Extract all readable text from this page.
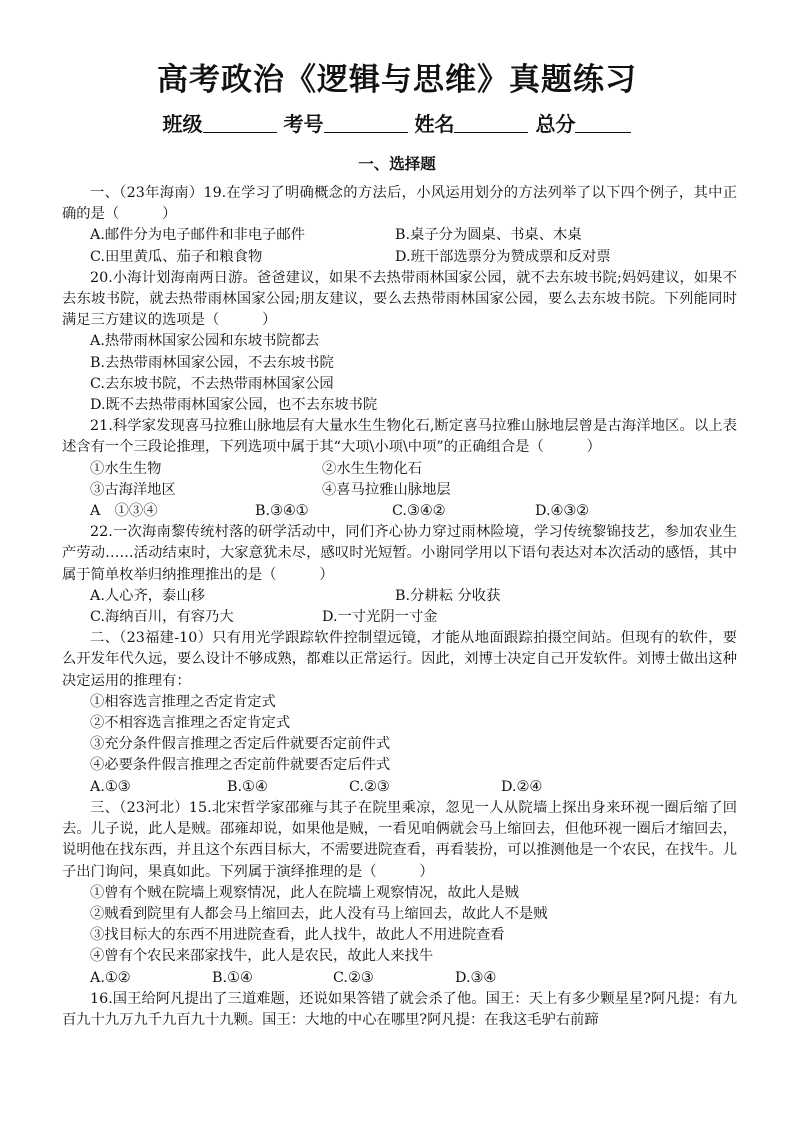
高考政治《逻辑与思维》真题练习
班级	考号	姓名	总分
一、选择题

一、（23年海南）19.在学习了明确概念的方法后，小风运用划分的方法列举了以下四个例子，其中正确的是（　　　）

A.邮件分为电子邮件和非电子邮件	B.桌子分为圆桌、书桌、木桌
C.田里黄瓜、茄子和粮食物	D.班干部选票分为赞成票和反对票

20.小海计划海南两日游。爸爸建议，如果不去热带雨林国家公园，就不去东坡书院;妈妈建议，如果不去东坡书院，就去热带雨林国家公园;朋友建议，要么去热带雨林国家公园，要么去东坡书院。下列能同时满足三方建议的选项是（　　　）

A.热带雨林国家公园和东坡书院都去
B.去热带雨林国家公园，不去东坡书院
C.去东坡书院，不去热带雨林国家公园
D.既不去热带雨林国家公园，也不去东坡书院

21.科学家发现喜马拉雅山脉地层有大量水生生物化石,断定喜马拉雅山脉地层曾是古海洋地区。以上表述含有一个三段论推理，下列选项中属于其“大项\小项\中项”的正确组合是（　　　）

①水生生物	②水生生物化石
③古海洋地区	④喜马拉雅山脉地层
A　①③④	B.③④①	C.③④②	D.④③②

22.一次海南黎传统村落的研学活动中，同们齐心协力穿过雨林险境，学习传统黎锦技艺，参加农业生产劳动……活动结束时，大家意犹未尽，感叹时光短暂。小谢同学用以下语句表达对本次活动的感悟，其中属于简单枚举归纳推理推出的是（　　　）

A.人心齐，泰山移	B.分耕耘 分收获
C.海纳百川，有容乃大	D.一寸光阴一寸金

二、（23福建-10）只有用光学跟踪软件控制望远镜，才能从地面跟踪拍摄空间站。但现有的软件，要么开发年代久远，要么设计不够成熟，都难以正常运行。因此，刘博士决定自己开发软件。刘博士做出这种决定运用的推理有：

①相容选言推理之否定肯定式
②不相容选言推理之否定肯定式
③充分条件假言推理之否定后件就要否定前件式
④必要条件假言推理之否定前件就要否定后件式
A.①③	B.①④	C.②③	D.②④

三、（23河北）15.北宋哲学家邵雍与其子在院里乘凉，忽见一人从院墙上探出身来环视一圈后缩了回去。儿子说，此人是贼。邵雍却说，如果他是贼，一看见咱俩就会马上缩回去，但他环视一圈后才缩回去，说明他在找东西，并且这个东西目标大，不需要进院查看，再看装扮，可以推测他是一个农民，在找牛。儿子出门询问，果真如此。下列属于演绎推理的是（　　　）

①曾有个贼在院墙上观察情况，此人在院墙上观察情况，故此人是贼
②贼看到院里有人都会马上缩回去，此人没有马上缩回去，故此人不是贼
③找目标大的东西不用进院查看，此人找牛，故此人不用进院查看
④曾有个农民来邵家找牛，此人是农民，故此人来找牛
A.①②	B.①④	C.②③	D.③④

16.国王给阿凡提出了三道难题，还说如果答错了就会杀了他。国王：天上有多少颗星星?阿凡提：有九百九十九万九千九百九十九颗。国王：大地的中心在哪里?阿凡提：在我这毛驴右前蹄
